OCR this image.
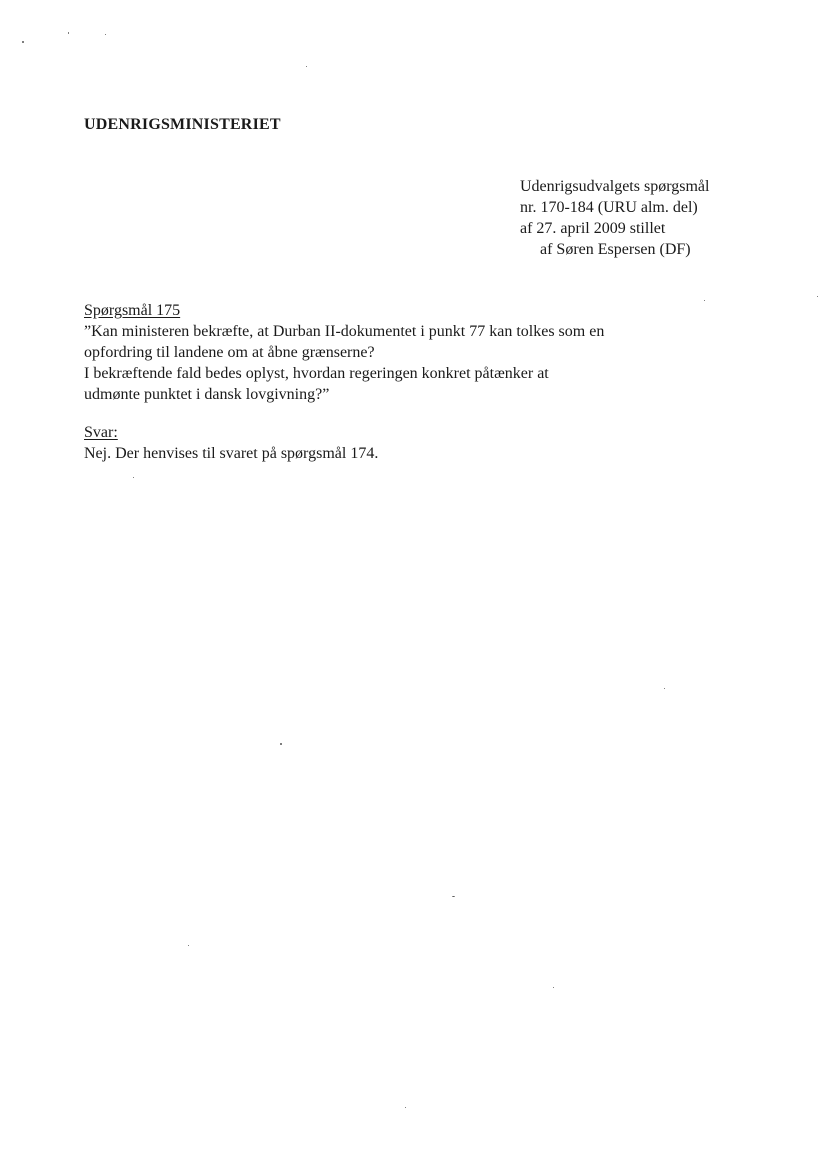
UDENRIGSMINISTERIET
Udenrigsudvalgets spørgsmål
nr. 170-184 (URU alm. del)
af 27. april 2009 stillet
af Søren Espersen (DF)
Spørgsmål 175
”Kan ministeren bekræfte, at Durban II-dokumentet i punkt 77 kan tolkes som en
opfordring til landene om at åbne grænserne?
I bekræftende fald bedes oplyst, hvordan regeringen konkret påtænker at
udmønte punktet i dansk lovgivning?”
Svar:
Nej. Der henvises til svaret på spørgsmål 174.
